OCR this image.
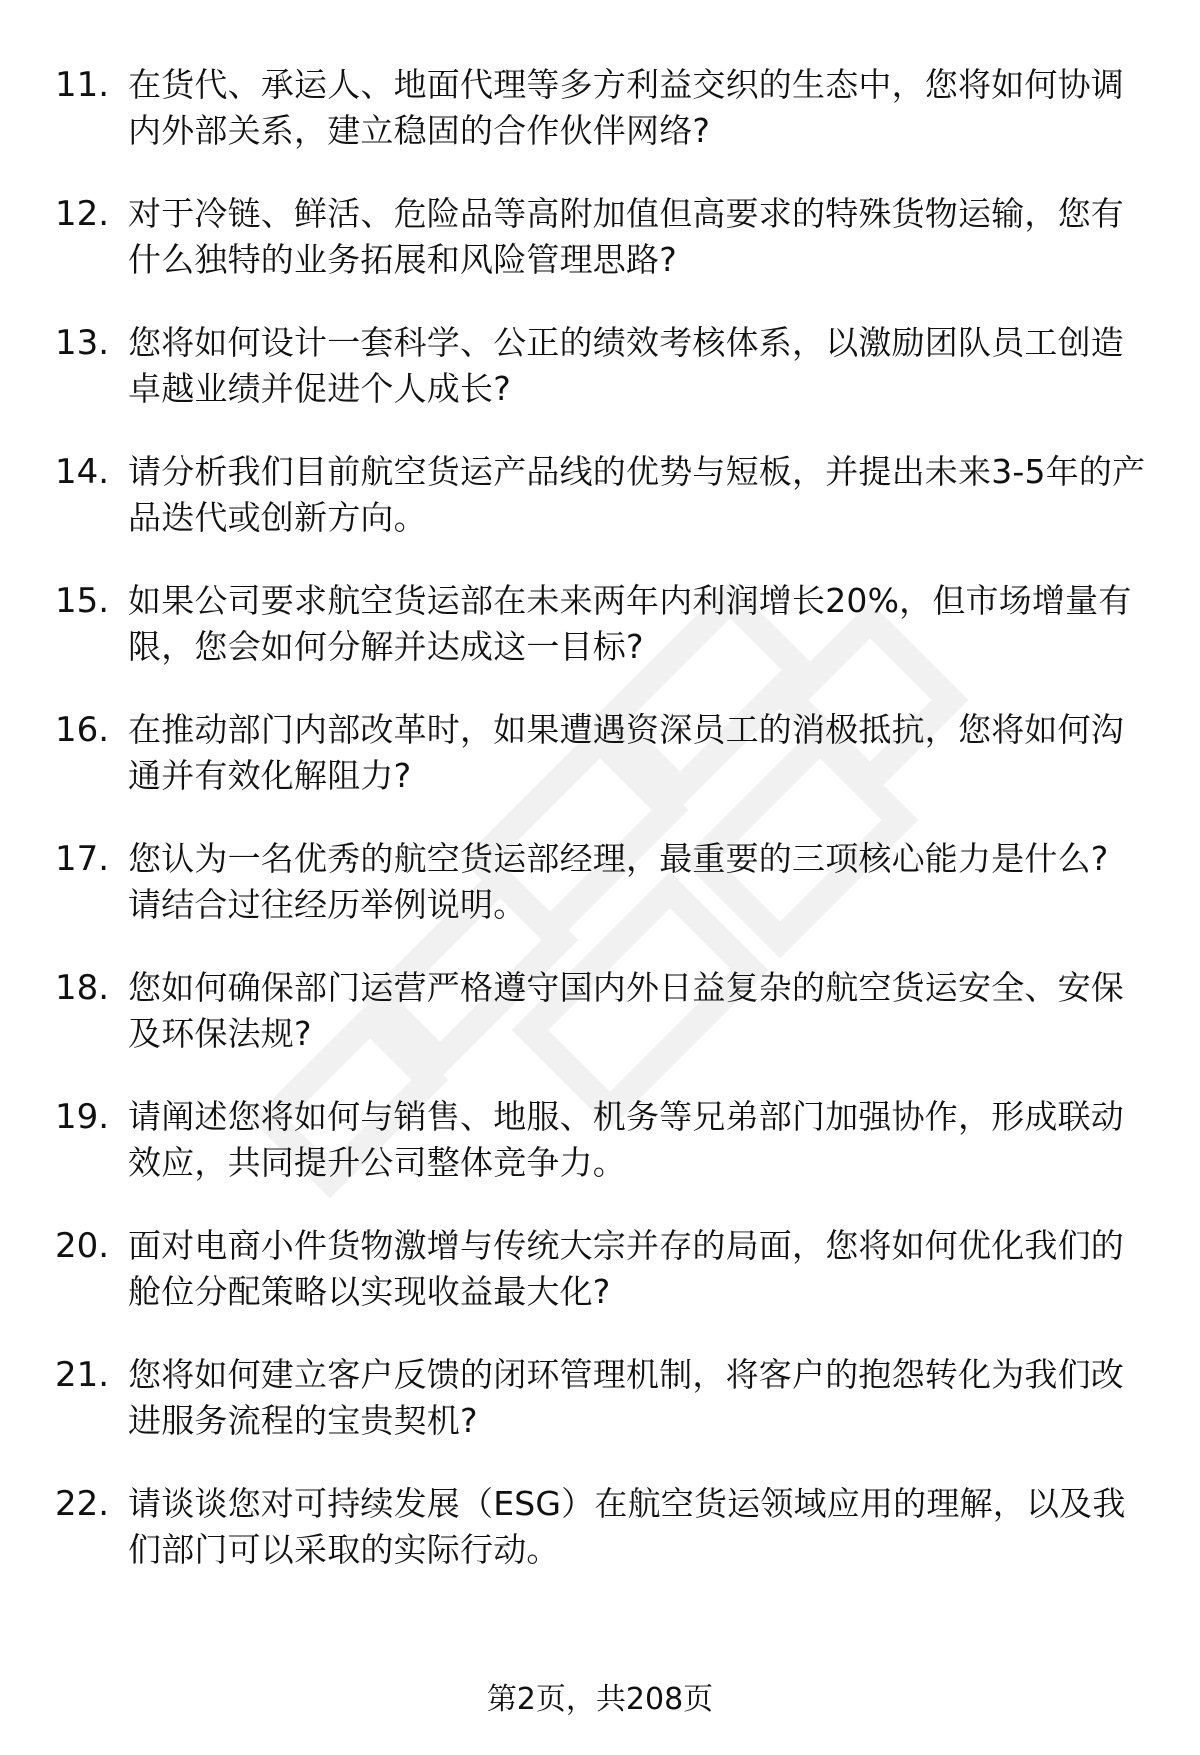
11. 在货代、承运人、地面代理等多方利益交织的生态中，您将如何协调内外部关系，建立稳固的合作伙伴网络?
12. 对于冷链、鲜活、危险品等高附加值但高要求的特殊货物运输，您有什么独特的业务拓展和风险管理思路?
13. 您将如何设计一套科学、公正的绩效考核体系，以激励团队员工创造卓越业绩并促进个人成长?
14. 请分析我们目前航空货运产品线的优势与短板，并提出未来3-5年的产品迭代或创新方向。
15. 如果公司要求航空货运部在未来两年内利润增长20%，但市场增量有限，您会如何分解并达成这一目标?
16. 在推动部门内部改革时，如果遭遇资深员工的消极抵抗，您将如何沟通并有效化解阻力?
17. 您认为一名优秀的航空货运部经理，最重要的三项核心能力是什么? 请结合过往经历举例说明。
18. 您如何确保部门运营严格遵守国内外日益复杂的航空货运安全、安保及环保法规?
19. 请阐述您将如何与销售、地服、机务等兄弟部门加强协作，形成联动效应，共同提升公司整体竞争力。
20. 面对电商小件货物激增与传统大宗并存的局面，您将如何优化我们的舱位分配策略以实现收益最大化?
21. 您将如何建立客户反馈的闭环管理机制，将客户的抱怨转化为我们改进服务流程的宝贵契机?
22. 请谈谈您对可持续发展（ESG）在航空货运领域应用的理解，以及我们部门可以采取的实际行动。
第2页，共208页
